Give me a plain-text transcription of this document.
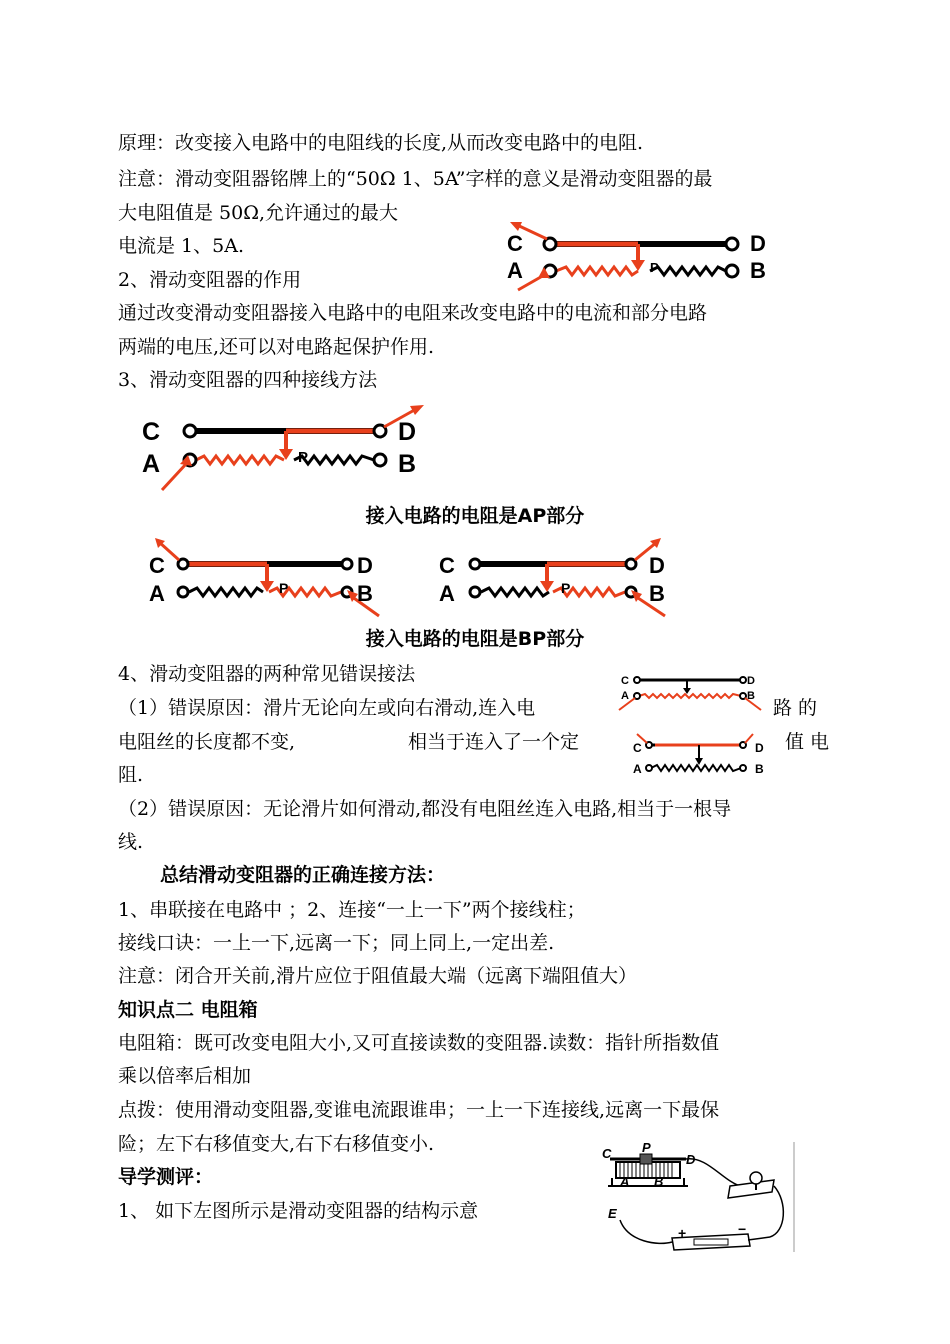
原理：改变接入电路中的电阻线的长度,从而改变电路中的电阻.
注意：滑动变阻器铭牌上的“50Ω 1、5A”字样的意义是滑动变阻器的最
大电阻值是 50Ω,允许通过的最大
电流是 1、5A.
2、滑动变阻器的作用
通过改变滑动变阻器接入电路中的电阻来改变电路中的电流和部分电路
两端的电压,还可以对电路起保护作用.
3、滑动变阻器的四种接线方法
接入电路的电阻是AP部分
接入电路的电阻是BP部分
4、滑动变阻器的两种常见错误接法
（1）错误原因：滑片无论向左或向右滑动,连入电	路 的
电阻丝的长度都不变,	相当于连入了一个定	值 电
阻.
（2）错误原因：无论滑片如何滑动,都没有电阻丝连入电路,相当于一根导
线.
总结滑动变阻器的正确连接方法：
1、串联接在电路中 ；2、连接“一上一下”两个接线柱；
接线口诀：一上一下,远离一下；同上同上,一定出差.
注意：闭合开关前,滑片应位于阻值最大端（远离下端阻值大）
知识点二 电阻箱
电阻箱：既可改变电阻大小,又可直接读数的变阻器.读数：指针所指数值
乘以倍率后相加
点拨：使用滑动变阻器,变谁电流跟谁串；一上一下连接线,远离一下最保
险；左下右移值变大,右下右移值变小.
导学测评：
1、 如下左图所示是滑动变阻器的结构示意
C
A
D
B
P
C
A
D
B
P
C
A
D
B
P
C
A
D
B
P
C
A
D
B
C
A
D
B
C P
D
A B
E
+	−
